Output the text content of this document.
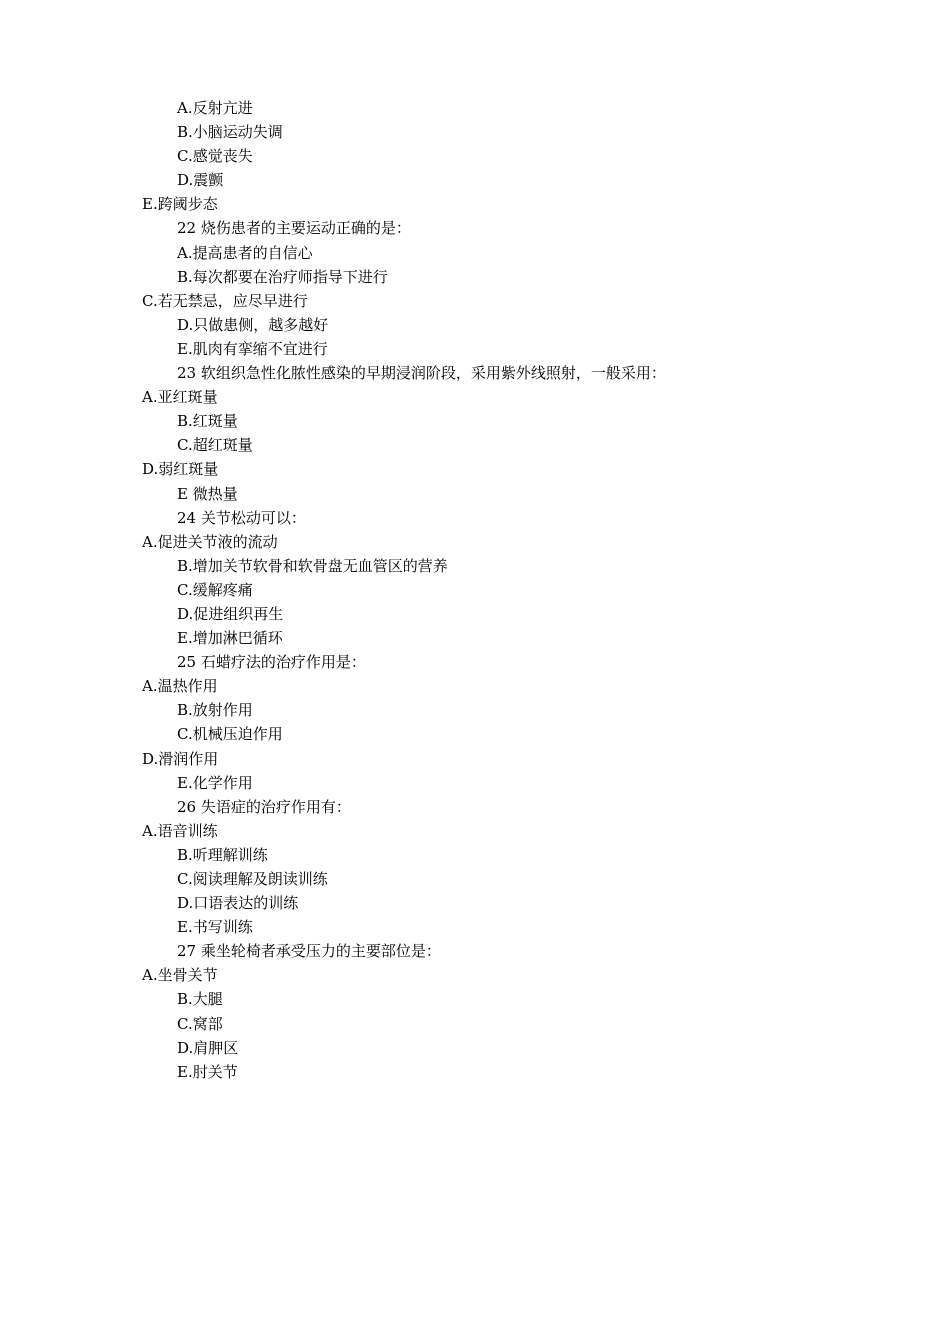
A.反射亢进
B.小脑运动失调
C.感觉丧失
D.震颤
E.跨阈步态
22 烧伤患者的主要运动正确的是：
A.提高患者的自信心
B.每次都要在治疗师指导下进行
C.若无禁忌，应尽早进行
D.只做患侧，越多越好
E.肌肉有挛缩不宜进行
23 软组织急性化脓性感染的早期浸润阶段，采用紫外线照射，一般采用：
A.亚红斑量
B.红斑量
C.超红斑量
D.弱红斑量
E 微热量
24 关节松动可以：
A.促进关节液的流动
B.增加关节软骨和软骨盘无血管区的营养
C.缓解疼痛
D.促进组织再生
E.增加淋巴循环
25 石蜡疗法的治疗作用是：
A.温热作用
B.放射作用
C.机械压迫作用
D.滑润作用
E.化学作用
26 失语症的治疗作用有：
A.语音训练
B.听理解训练
C.阅读理解及朗读训练
D.口语表达的训练
E.书写训练
27 乘坐轮椅者承受压力的主要部位是：
A.坐骨关节
B.大腿
C.窝部
D.肩胛区
E.肘关节
